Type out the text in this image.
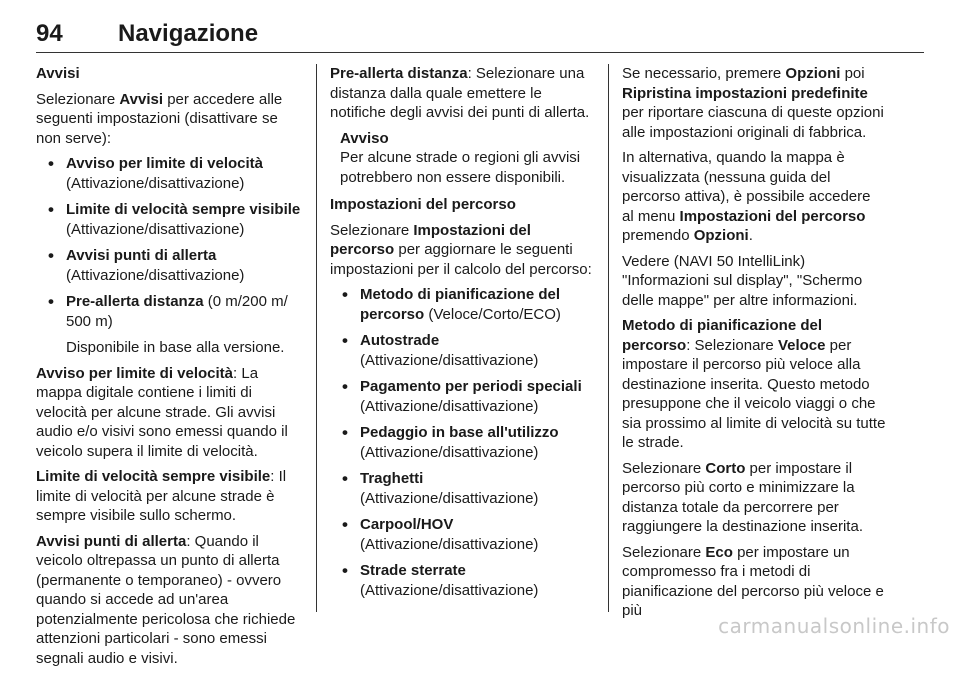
94 Navigazione

Avvisi

Selezionare Avvisi per accedere alle seguenti impostazioni (disattivare se non serve):

• Avviso per limite di velocità (Attivazione/disattivazione)
• Limite di velocità sempre visibile (Attivazione/disattivazione)
• Avvisi punti di allerta (Attivazione/disattivazione)
• Pre-allerta distanza (0 m/200 m/ 500 m)

Disponibile in base alla versione.

Avviso per limite di velocità: La mappa digitale contiene i limiti di velocità per alcune strade. Gli avvisi audio e/o visivi sono emessi quando il veicolo supera il limite di velocità.

Limite di velocità sempre visibile: Il limite di velocità per alcune strade è sempre visibile sullo schermo.

Avvisi punti di allerta: Quando il veicolo oltrepassa un punto di allerta (permanente o temporaneo) - ovvero quando si accede ad un'area potenzialmente pericolosa che richiede attenzioni particolari - sono emessi segnali audio e visivi.

Pre-allerta distanza: Selezionare una distanza dalla quale emettere le notifiche degli avvisi dei punti di allerta.

Avviso
Per alcune strade o regioni gli avvisi potrebbero non essere disponibili.

Impostazioni del percorso

Selezionare Impostazioni del percorso per aggiornare le seguenti impostazioni per il calcolo del percorso:

• Metodo di pianificazione del percorso (Veloce/Corto/ECO)
• Autostrade (Attivazione/disattivazione)
• Pagamento per periodi speciali (Attivazione/disattivazione)
• Pedaggio in base all'utilizzo (Attivazione/disattivazione)
• Traghetti (Attivazione/disattivazione)
• Carpool/HOV (Attivazione/disattivazione)
• Strade sterrate (Attivazione/disattivazione)

Se necessario, premere Opzioni poi Ripristina impostazioni predefinite per riportare ciascuna di queste opzioni alle impostazioni originali di fabbrica.

In alternativa, quando la mappa è visualizzata (nessuna guida del percorso attiva), è possibile accedere al menu Impostazioni del percorso premendo Opzioni.

Vedere (NAVI 50 IntelliLink) "Informazioni sul display", "Schermo delle mappe" per altre informazioni.

Metodo di pianificazione del percorso: Selezionare Veloce per impostare il percorso più veloce alla destinazione inserita. Questo metodo presuppone che il veicolo viaggi o che sia prossimo al limite di velocità su tutte le strade.

Selezionare Corto per impostare il percorso più corto e minimizzare la distanza totale da percorrere per raggiungere la destinazione inserita.

Selezionare Eco per impostare un compromesso fra i metodi di pianificazione del percorso più veloce e più

carmanualsonline.info
